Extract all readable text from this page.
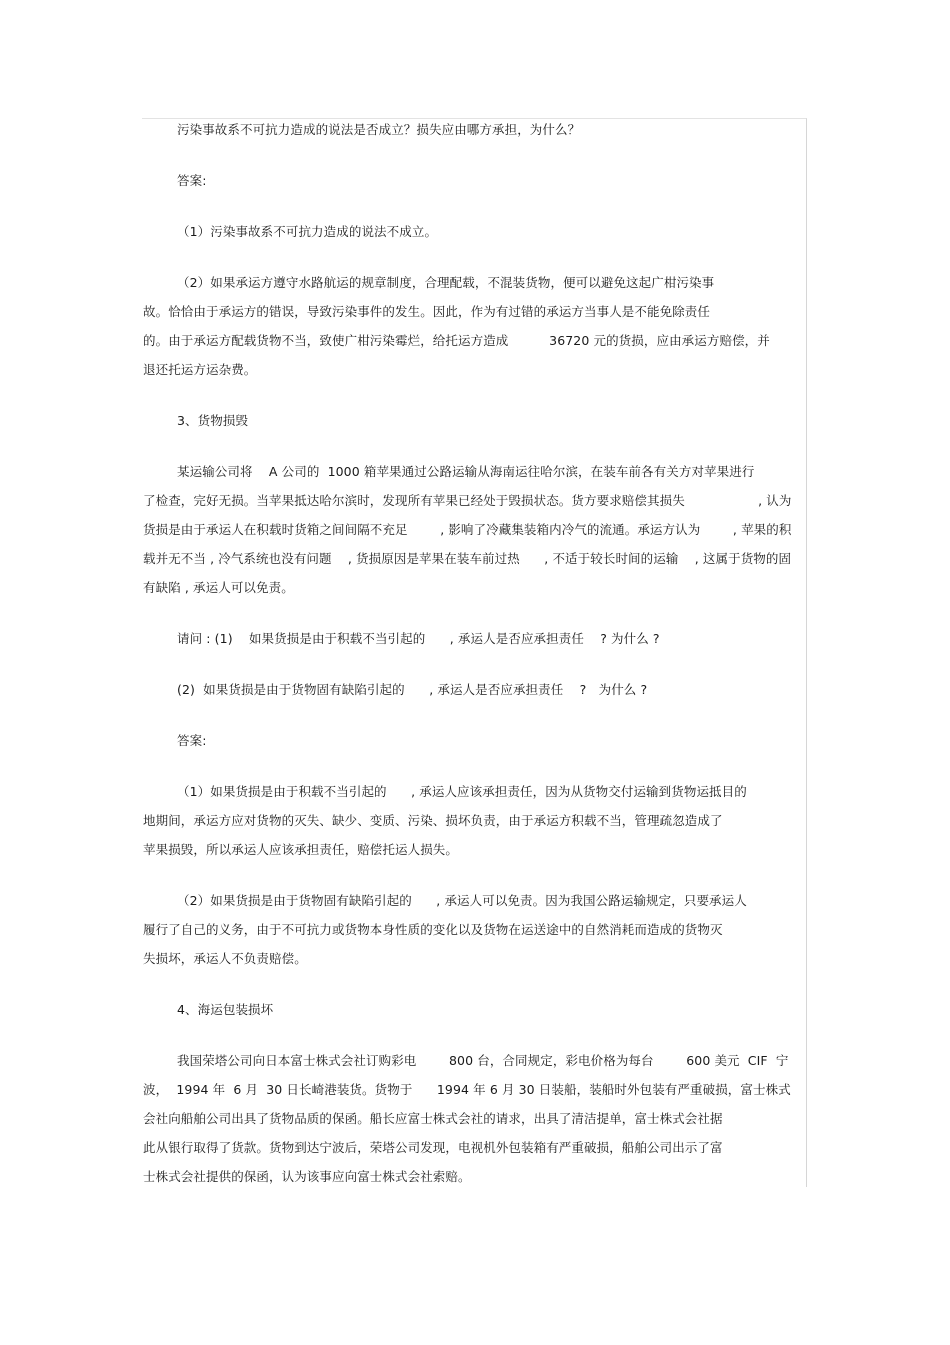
污染事故系不可抗力造成的说法是否成立？损失应由哪方承担，为什么？
答案:
（1）污染事故系不可抗力造成的说法不成立。
（2）如果承运方遵守水路航运的规章制度，合理配载，不混装货物，便可以避免这起广柑污染事
故。恰恰由于承运方的错误，导致污染事件的发生。因此，作为有过错的承运方当事人是不能免除责任
的。由于承运方配载货物不当，致使广柑污染霉烂，给托运方造成          36720 元的货损，应由承运方赔偿，并
退还托运方运杂费。
3、货物损毁
某运输公司将    A 公司的  1000 箱苹果通过公路运输从海南运往哈尔滨，在装车前各有关方对苹果进行
了检查，完好无损。当苹果抵达哈尔滨时，发现所有苹果已经处于毁损状态。货方要求赔偿其损失                  , 认为
货损是由于承运人在积载时货箱之间间隔不充足        , 影响了冷藏集装箱内冷气的流通。承运方认为        , 苹果的积
载并无不当 , 冷气系统也没有问题    , 货损原因是苹果在装车前过热      , 不适于较长时间的运输    , 这属于货物的固
有缺陷 , 承运人可以免责。
请问 : (1)    如果货损是由于积载不当引起的      , 承运人是否应承担责任    ? 为什么 ?
(2)  如果货损是由于货物固有缺陷引起的      , 承运人是否应承担责任    ?   为什么 ?
答案:
（1）如果货损是由于积载不当引起的      , 承运人应该承担责任，因为从货物交付运输到货物运抵目的
地期间，承运方应对货物的灭失、缺少、变质、污染、损坏负责，由于承运方积载不当，管理疏忽造成了
苹果损毁，所以承运人应该承担责任，赔偿托运人损失。
（2）如果货损是由于货物固有缺陷引起的      , 承运人可以免责。因为我国公路运输规定，只要承运人
履行了自己的义务，由于不可抗力或货物本身性质的变化以及货物在运送途中的自然消耗而造成的货物灭
失损坏，承运人不负责赔偿。
4、海运包装损坏
我国荣塔公司向日本富士株式会社订购彩电        800 台，合同规定，彩电价格为每台        600 美元  CIF  宁
波，  1994 年  6 月  30 日长崎港装货。货物于      1994 年 6 月 30 日装船，装船时外包装有严重破损，富士株式
会社向船舶公司出具了货物品质的保函。船长应富士株式会社的请求，出具了清洁提单，富士株式会社据
此从银行取得了货款。货物到达宁波后，荣塔公司发现，电视机外包装箱有严重破损，船舶公司出示了富
士株式会社提供的保函，认为该事应向富士株式会社索赔。
